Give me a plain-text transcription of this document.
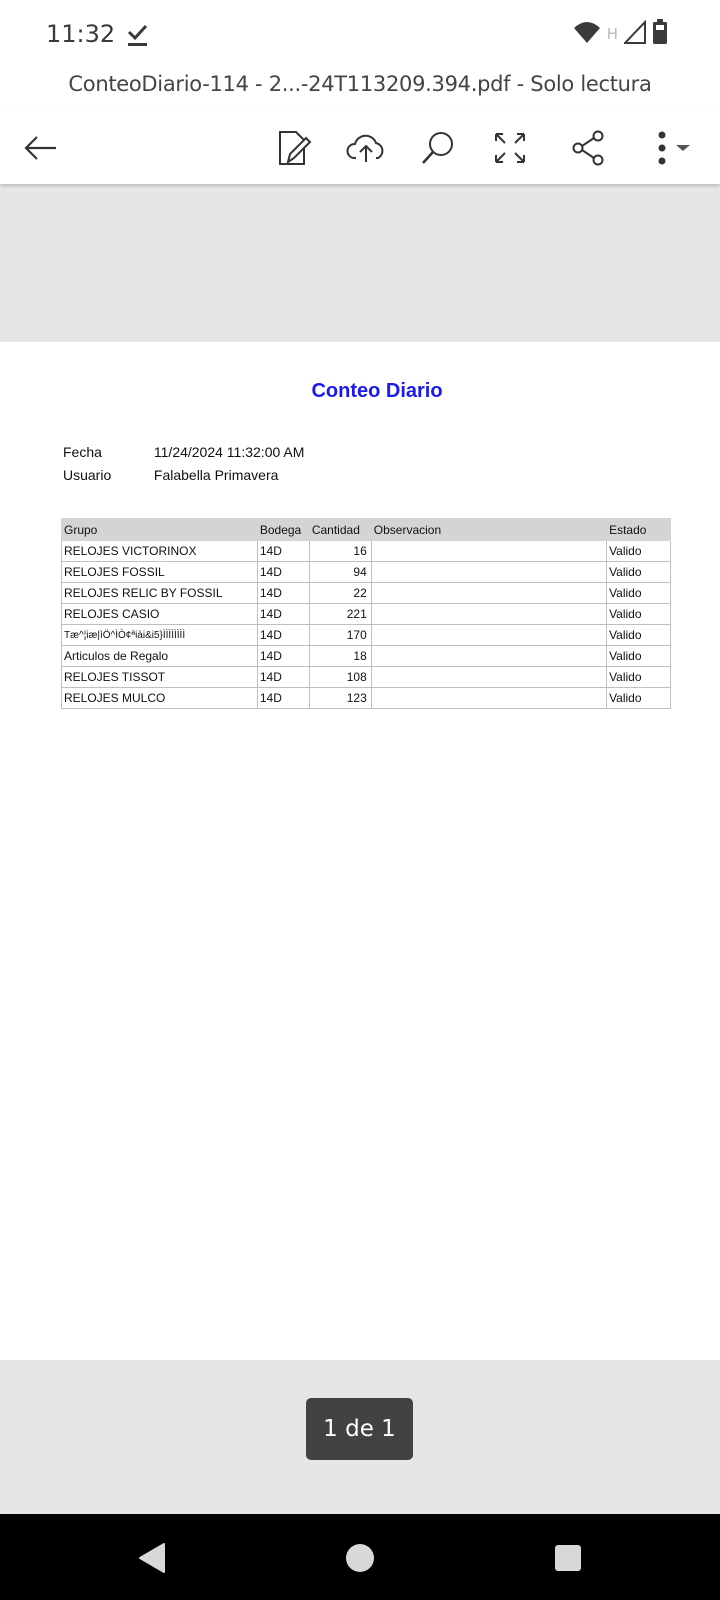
11:32	H
ConteoDiario-114 - 2...-24T113209.394.pdf - Solo lectura
Conteo Diario
Fecha	11/24/2024 11:32:00 AM
Usuario	Falabella Primavera
Grupo	Bodega	Cantidad	Observacion	Estado
RELOJES VICTORINOX	14D	16		Valido
RELOJES FOSSIL	14D	94		Valido
RELOJES RELIC BY FOSSIL	14D	22		Valido
RELOJES CASIO	14D	221		Valido
Tæ^¦iæ|ìÖ^ÌÒ¢ªiài&i5}ÌÌÌÌÌÌÌÌ	14D	170		Valido
Articulos de Regalo	14D	18		Valido
RELOJES TISSOT	14D	108		Valido
RELOJES MULCO	14D	123		Valido
1 de 1
